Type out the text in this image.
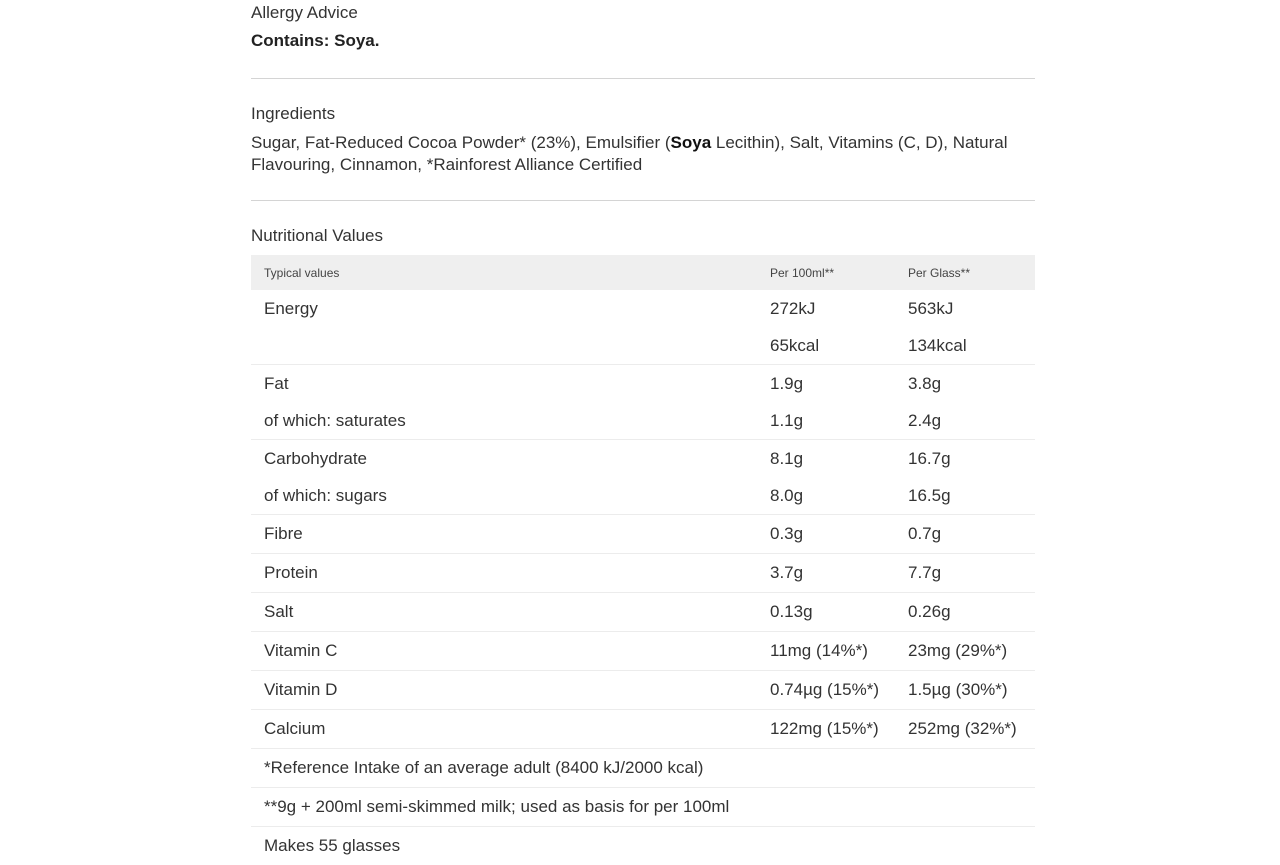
Allergy Advice
Contains: Soya.
Ingredients
Sugar, Fat-Reduced Cocoa Powder* (23%), Emulsifier (Soya Lecithin), Salt, Vitamins (C, D), Natural Flavouring, Cinnamon, *Rainforest Alliance Certified
Nutritional Values
Typical values	Per 100ml**	Per Glass**
Energy	272kJ	563kJ
	65kcal	134kcal
Fat	1.9g	3.8g
of which: saturates	1.1g	2.4g
Carbohydrate	8.1g	16.7g
of which: sugars	8.0g	16.5g
Fibre	0.3g	0.7g
Protein	3.7g	7.7g
Salt	0.13g	0.26g
Vitamin C	11mg (14%*)	23mg (29%*)
Vitamin D	0.74µg (15%*)	1.5µg (30%*)
Calcium	122mg (15%*)	252mg (32%*)
*Reference Intake of an average adult (8400 kJ/2000 kcal)		
**9g + 200ml semi-skimmed milk; used as basis for per 100ml		
Makes 55 glasses		
